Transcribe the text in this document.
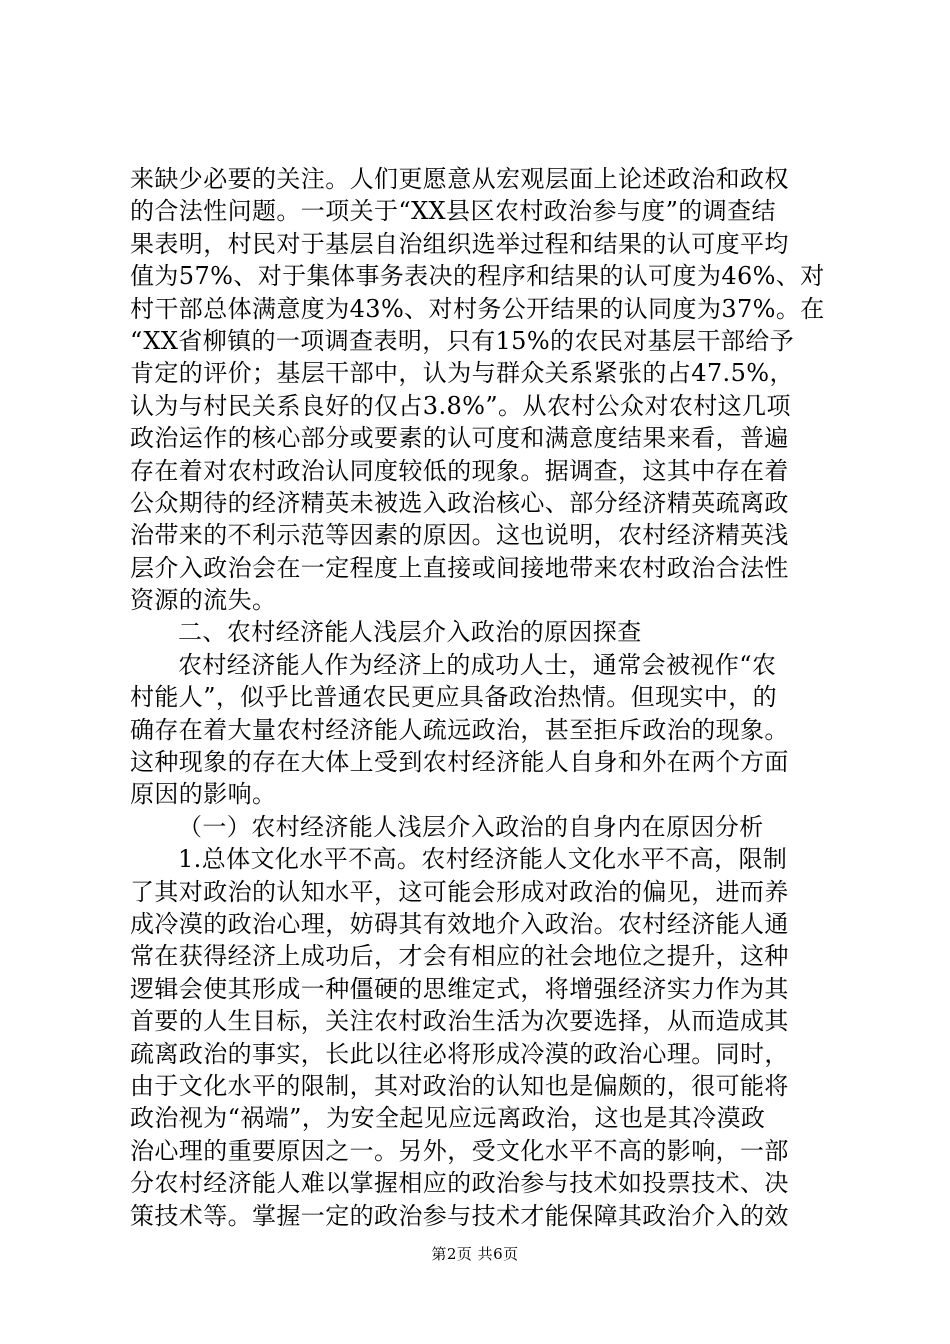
来缺少必要的关注。人们更愿意从宏观层面上论述政治和政权
的合法性问题。一项关于“XX县区农村政治参与度”的调查结
果表明，村民对于基层自治组织选举过程和结果的认可度平均
值为57%、对于集体事务表决的程序和结果的认可度为46%、对
村干部总体满意度为43%、对村务公开结果的认同度为37%。在
“XX省柳镇的一项调查表明，只有15%的农民对基层干部给予
肯定的评价；基层干部中，认为与群众关系紧张的占47.5%，
认为与村民关系良好的仅占3.8%”。从农村公众对农村这几项
政治运作的核心部分或要素的认可度和满意度结果来看，普遍
存在着对农村政治认同度较低的现象。据调查，这其中存在着
公众期待的经济精英未被选入政治核心、部分经济精英疏离政
治带来的不利示范等因素的原因。这也说明，农村经济精英浅
层介入政治会在一定程度上直接或间接地带来农村政治合法性
资源的流失。
二、农村经济能人浅层介入政治的原因探查
农村经济能人作为经济上的成功人士，通常会被视作“农
村能人”，似乎比普通农民更应具备政治热情。但现实中，的
确存在着大量农村经济能人疏远政治，甚至拒斥政治的现象。
这种现象的存在大体上受到农村经济能人自身和外在两个方面
原因的影响。
（一）农村经济能人浅层介入政治的自身内在原因分析
1.总体文化水平不高。农村经济能人文化水平不高，限制
了其对政治的认知水平，这可能会形成对政治的偏见，进而养
成冷漠的政治心理，妨碍其有效地介入政治。农村经济能人通
常在获得经济上成功后，才会有相应的社会地位之提升，这种
逻辑会使其形成一种僵硬的思维定式，将增强经济实力作为其
首要的人生目标，关注农村政治生活为次要选择，从而造成其
疏离政治的事实，长此以往必将形成冷漠的政治心理。同时，
由于文化水平的限制，其对政治的认知也是偏颇的，很可能将
政治视为“祸端”，为安全起见应远离政治，这也是其冷漠政
治心理的重要原因之一。另外，受文化水平不高的影响，一部
分农村经济能人难以掌握相应的政治参与技术如投票技术、决
策技术等。掌握一定的政治参与技术才能保障其政治介入的效
第2页 共6页
